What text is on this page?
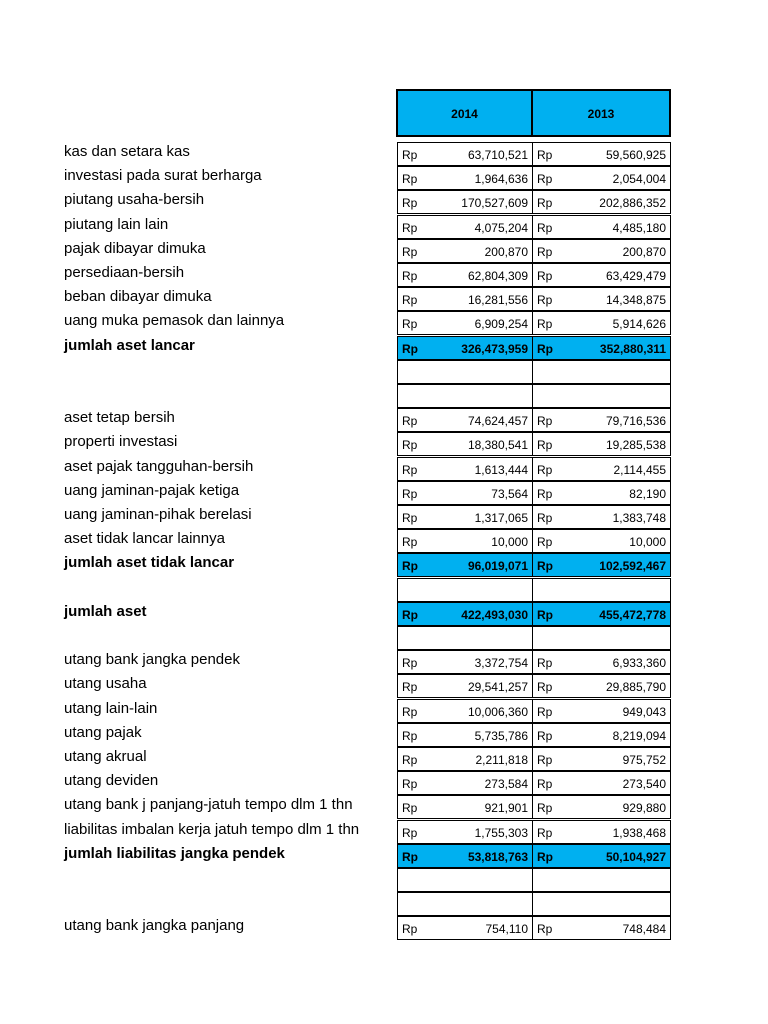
2014	2013
kas dan setara kas	Rp	63,710,521 Rp	59,560,925
investasi pada surat berharga	Rp	1,964,636 Rp	2,054,004
piutang usaha-bersih	Rp	170,527,609 Rp	202,886,352
piutang lain lain	Rp	4,075,204 Rp	4,485,180
pajak dibayar dimuka	Rp	200,870 Rp	200,870
persediaan-bersih	Rp	62,804,309 Rp	63,429,479
beban dibayar dimuka	Rp	16,281,556 Rp	14,348,875
uang muka pemasok dan lainnya	Rp	6,909,254 Rp	5,914,626
jumlah aset lancar	Rp	326,473,959 Rp	352,880,311
aset tetap bersih	Rp	74,624,457 Rp	79,716,536
properti investasi	Rp	18,380,541 Rp	19,285,538
aset pajak tangguhan-bersih	Rp	1,613,444 Rp	2,114,455
uang jaminan-pajak ketiga	Rp	73,564 Rp	82,190
uang jaminan-pihak berelasi	Rp	1,317,065 Rp	1,383,748
aset tidak lancar lainnya	Rp	10,000 Rp	10,000
jumlah aset tidak lancar	Rp	96,019,071 Rp	102,592,467
jumlah aset	Rp	422,493,030 Rp	455,472,778
utang bank jangka pendek	Rp	3,372,754 Rp	6,933,360
utang usaha	Rp	29,541,257 Rp	29,885,790
utang lain-lain	Rp	10,006,360 Rp	949,043
utang pajak	Rp	5,735,786 Rp	8,219,094
utang akrual	Rp	2,211,818 Rp	975,752
utang deviden	Rp	273,584 Rp	273,540
utang bank j panjang-jatuh tempo dlm 1 thn	Rp	921,901 Rp	929,880
liabilitas imbalan kerja jatuh tempo dlm 1 thn	Rp	1,755,303 Rp	1,938,468
jumlah liabilitas jangka pendek	Rp	53,818,763 Rp	50,104,927
utang bank jangka panjang	Rp	754,110 Rp	748,484
